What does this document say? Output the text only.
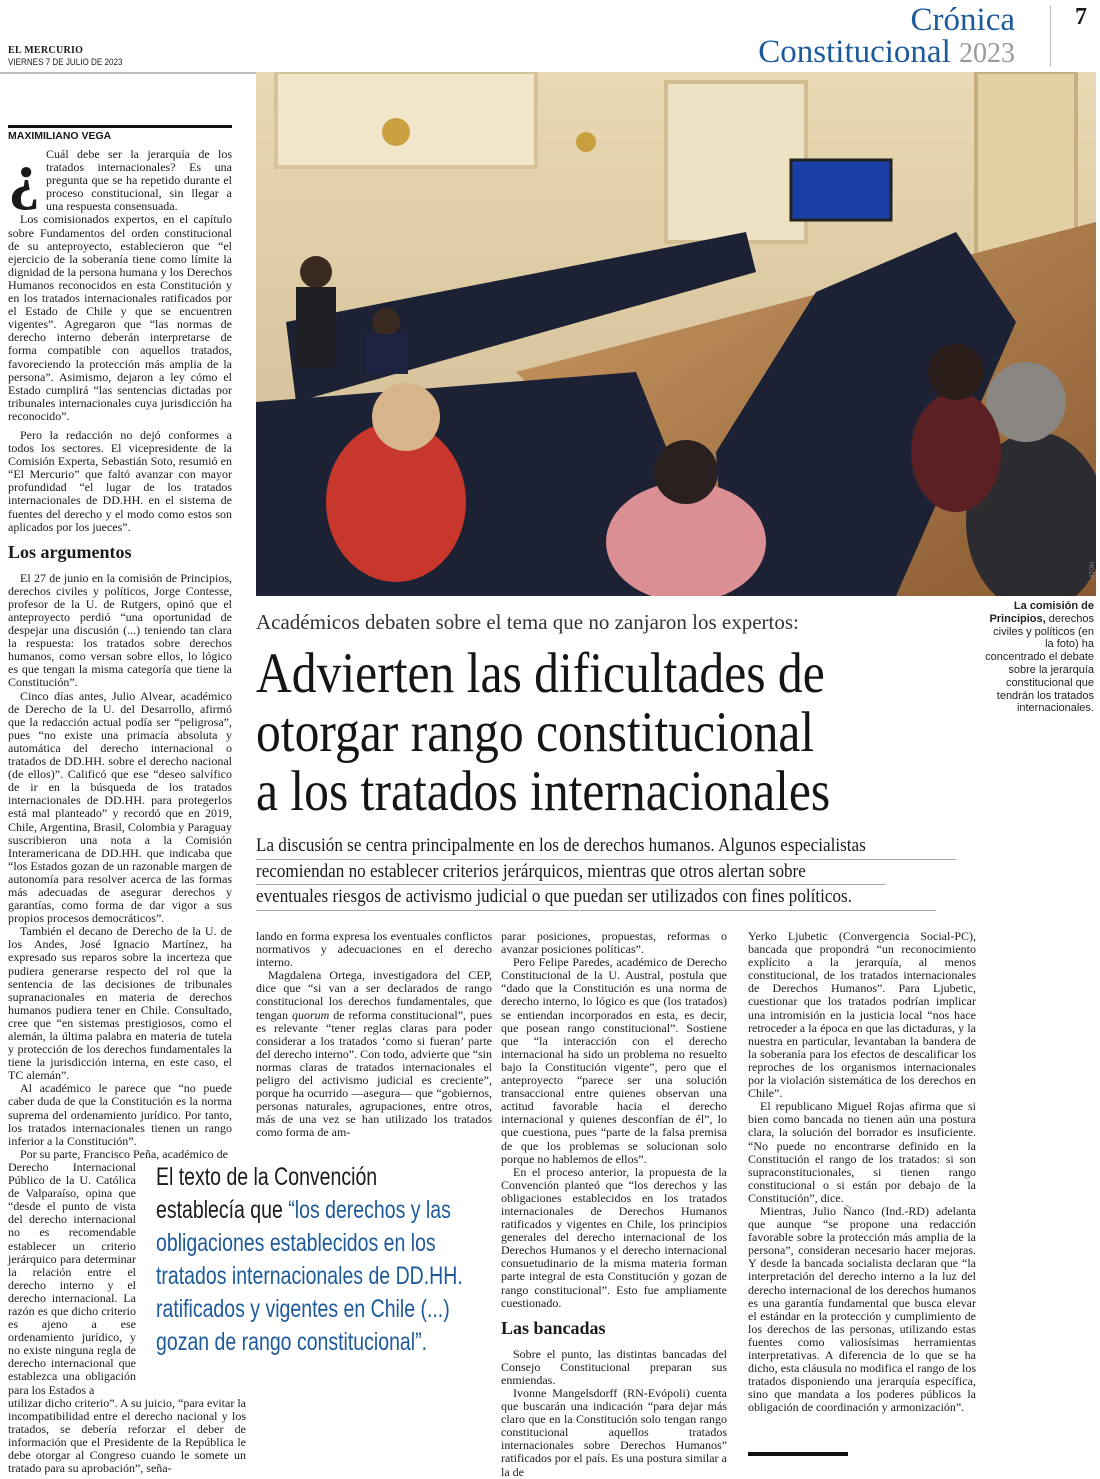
EL MERCURIO
VIERNES 7 DE JULIO DE 2023
Crónica
Constitucional 2023
7
ATON
La comisión de Principios, derechos civiles y políticos (en la foto) ha concentrado el debate sobre la jerarquía constitucional que tendrán los tratados internacionales.
MAXIMILIANO VEGA

¿ Cuál debe ser la jerarquía de los tratados internacionales? Es una pregunta que se ha repetido durante el proceso constitucional, sin llegar a una respuesta consensuada.

Los comisionados expertos, en el capítulo sobre Fundamentos del orden constitucional de su anteproyecto, establecieron que “el ejercicio de la soberanía tiene como límite la dignidad de la persona humana y los Derechos Humanos reconocidos en esta Constitución y en los tratados internacionales ratificados por el Estado de Chile y que se encuentren vigentes”. Agregaron que “las normas de derecho interno deberán interpretarse de forma compatible con aquellos tratados, favoreciendo la protección más amplia de la persona”. Asimismo, dejaron a ley cómo el Estado cumplirá “las sentencias dictadas por tribunales internacionales cuya jurisdicción ha reconocido”.

Pero la redacción no dejó conformes a todos los sectores. El vicepresidente de la Comisión Experta, Sebastián Soto, resumió en “El Mercurio” que faltó avanzar con mayor profundidad “el lugar de los tratados internacionales de DD.HH. en el sistema de fuentes del derecho y el modo como estos son aplicados por los jueces”.

Los argumentos

El 27 de junio en la comisión de Principios, derechos civiles y políticos, Jorge Contesse, profesor de la U. de Rutgers, opinó que el anteproyecto perdió “una oportunidad de despejar una discusión (...) teniendo tan clara la respuesta: los tratados sobre derechos humanos, como versan sobre ellos, lo lógico es que tengan la misma categoría que tiene la Constitución”.

Cinco días antes, Julio Alvear, académico de Derecho de la U. del Desarrollo, afirmó que la redacción actual podía ser “peligrosa”, pues “no existe una primacía absoluta y automática del derecho internacional o tratados de DD.HH. sobre el derecho nacional (de ellos)”. Calificó que ese “deseo salvífico de ir en la búsqueda de los tratados internacionales de DD.HH. para protegerlos está mal planteado” y recordó que en 2019, Chile, Argentina, Brasil, Colombia y Paraguay suscribieron una nota a la Comisión Interamericana de DD.HH. que indicaba que “los Estados gozan de un razonable margen de autonomía para resolver acerca de las formas más adecuadas de asegurar derechos y garantías, como forma de dar vigor a sus propios procesos democráticos”.

También el decano de Derecho de la U. de los Andes, José Ignacio Martínez, ha expresado sus reparos sobre la incerteza que pudiera generarse respecto del rol que la sentencia de las decisiones de tribunales supranacionales en materia de derechos humanos pudiera tener en Chile. Consultado, cree que “en sistemas prestigiosos, como el alemán, la última palabra en materia de tutela y protección de los derechos fundamentales la tiene la jurisdicción interna, en este caso, el TC alemán”.

Al académico le parece que “no puede caber duda de que la Constitución es la norma suprema del ordenamiento jurídico. Por tanto, los tratados internacionales tienen un rango inferior a la Constitución”.

Por su parte, Francisco Peña, académico de

Derecho Internacional Público de la U. Católica de Valparaíso, opina que “desde el punto de vista del derecho internacional no es recomendable establecer un criterio jerárquico para determinar la relación entre el derecho interno y el derecho internacional. La razón es que dicho criterio es ajeno a ese ordenamiento jurídico, y no existe ninguna regla de derecho internacional que establezca una obligación para los Estados a

utilizar dicho criterio”. A su juicio, “para evitar la incompatibilidad entre el derecho nacional y los tratados, se debería reforzar el deber de información que el Presidente de la República le debe otorgar al Congreso cuando le somete un tratado para su aprobación”, seña-

Académicos debaten sobre el tema que no zanjaron los expertos:
Advierten las dificultades de
otorgar rango constitucional
a los tratados internacionales
La discusión se centra principalmente en los de derechos humanos. Algunos especialistas
recomiendan no establecer criterios jerárquicos, mientras que otros alertan sobre
eventuales riesgos de activismo judicial o que puedan ser utilizados con fines políticos.

lando en forma expresa los eventuales conflictos normativos y adecuaciones en el derecho interno.

Magdalena Ortega, investigadora del CEP, dice que “si van a ser declarados de rango constitucional los derechos fundamentales, que tengan quorum de reforma constitucional”, pues es relevante “tener reglas claras para poder considerar a los tratados ‘como si fueran’ parte del derecho interno”. Con todo, advierte que “sin normas claras de tratados internacionales el peligro del activismo judicial es creciente”, porque ha ocurrido —asegura— que “gobiernos, personas naturales, agrupaciones, entre otros, más de una vez se han utilizado los tratados como forma de am-

El texto de la Convención
establecía que “los derechos y las
obligaciones establecidos en los
tratados internacionales de DD.HH.
ratificados y vigentes en Chile (...)
gozan de rango constitucional”.

parar posiciones, propuestas, reformas o avanzar posiciones políticas”.

Pero Felipe Paredes, académico de Derecho Constitucional de la U. Austral, postula que “dado que la Constitución es una norma de derecho interno, lo lógico es que (los tratados) se entiendan incorporados en esta, es decir, que posean rango constitucional”. Sostiene que “la interacción con el derecho internacional ha sido un problema no resuelto bajo la Constitución vigente”, pero que el anteproyecto “parece ser una solución transaccional entre quienes observan una actitud favorable hacia el derecho internacional y quienes desconfían de él”, lo que cuestiona, pues “parte de la falsa premisa de que los problemas se solucionan solo porque no hablemos de ellos”.

En el proceso anterior, la propuesta de la Convención planteó que “los derechos y las obligaciones establecidos en los tratados internacionales de Derechos Humanos ratificados y vigentes en Chile, los principios generales del derecho internacional de los Derechos Humanos y el derecho internacional consuetudinario de la misma materia forman parte integral de esta Constitución y gozan de rango constitucional”. Esto fue ampliamente cuestionado.

Las bancadas

Sobre el punto, las distintas bancadas del Consejo Constitucional preparan sus enmiendas.

Ivonne Mangelsdorff (RN-Evópoli) cuenta que buscarán una indicación “para dejar más claro que en la Constitución solo tengan rango constitucional aquellos tratados internacionales sobre Derechos Humanos” ratificados por el país. Es una postura similar a la de

Yerko Ljubetic (Convergencia Social-PC), bancada que propondrá “un reconocimiento explícito a la jerarquía, al menos constitucional, de los tratados internacionales de Derechos Humanos”. Para Ljubetic, cuestionar que los tratados podrían implicar una intromisión en la justicia local “nos hace retroceder a la época en que las dictaduras, y la nuestra en particular, levantaban la bandera de la soberanía para los efectos de descalificar los reproches de los organismos internacionales por la violación sistemática de los derechos en Chile”.

El republicano Miguel Rojas afirma que si bien como bancada no tienen aún una postura clara, la solución del borrador es insuficiente. “No puede no encontrarse definido en la Constitución el rango de los tratados: si son supraconstitucionales, si tienen rango constitucional o si están por debajo de la Constitución”, dice.

Mientras, Julio Ñanco (Ind.-RD) adelanta que aunque “se propone una redacción favorable sobre la protección más amplia de la persona”, consideran necesario hacer mejoras. Y desde la bancada socialista declaran que “la interpretación del derecho interno a la luz del derecho internacional de los derechos humanos es una garantía fundamental que busca elevar el estándar en la protección y cumplimiento de los derechos de las personas, utilizando estas fuentes como valiosísimas herramientas interpretativas. A diferencia de lo que se ha dicho, esta cláusula no modifica el rango de los tratados disponiendo una jerarquía específica, sino que mandata a los poderes públicos la obligación de coordinación y armonización”.
